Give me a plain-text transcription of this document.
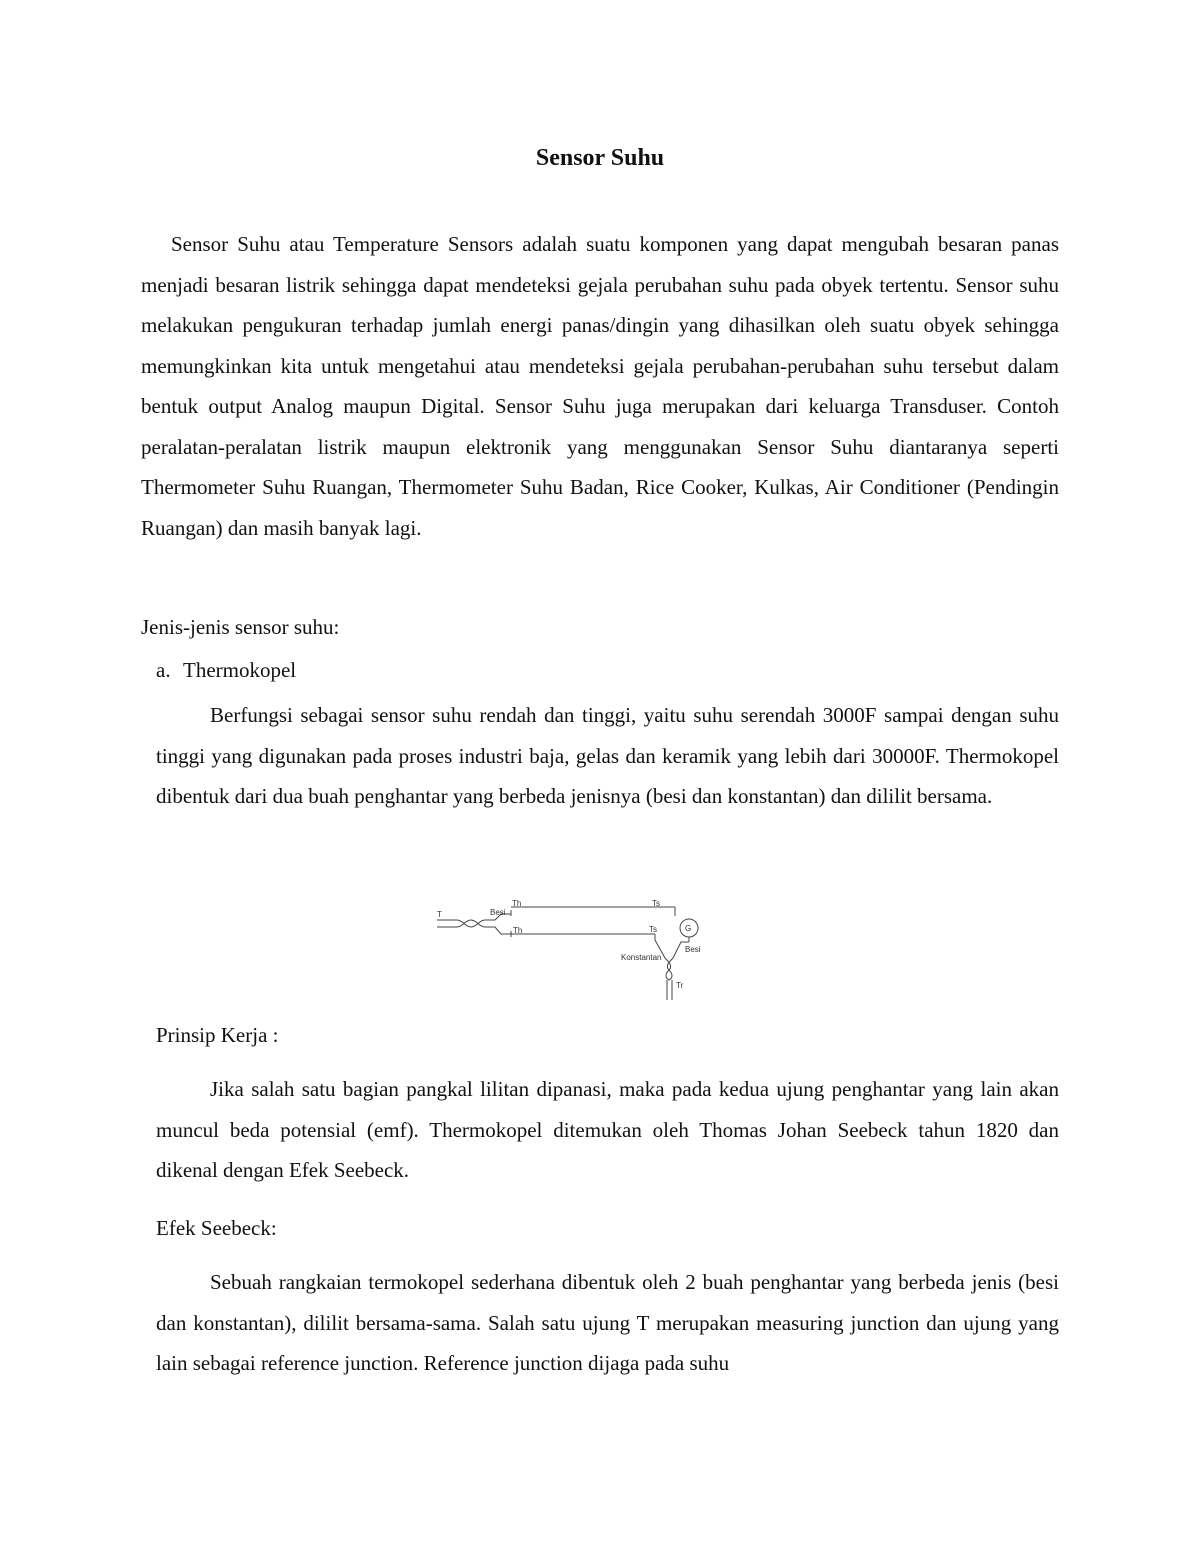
Sensor Suhu

Sensor Suhu atau Temperature Sensors adalah suatu komponen yang dapat mengubah besaran panas menjadi besaran listrik sehingga dapat mendeteksi gejala perubahan suhu pada obyek tertentu. Sensor suhu melakukan pengukuran terhadap jumlah energi panas/dingin yang dihasilkan oleh suatu obyek sehingga memungkinkan kita untuk mengetahui atau mendeteksi gejala perubahan-perubahan suhu tersebut dalam bentuk output Analog maupun Digital. Sensor Suhu juga merupakan dari keluarga Transduser. Contoh peralatan-peralatan listrik maupun elektronik yang menggunakan Sensor Suhu diantaranya seperti Thermometer Suhu Ruangan, Thermometer Suhu Badan, Rice Cooker, Kulkas, Air Conditioner (Pendingin Ruangan) dan masih banyak lagi.

Jenis-jenis sensor suhu:
a. Thermokopel

Berfungsi sebagai sensor suhu rendah dan tinggi, yaitu suhu serendah 3000F sampai dengan suhu tinggi yang digunakan pada proses industri baja, gelas dan keramik yang lebih dari 30000F. Thermokopel dibentuk dari dua buah penghantar yang berbeda jenisnya (besi dan konstantan) dan dililit bersama.

T	Besi
Th
Th
Ts
Ts	G
Besi
Konstantan
Tr
Prinsip Kerja :

Jika salah satu bagian pangkal lilitan dipanasi, maka pada kedua ujung penghantar yang lain akan muncul beda potensial (emf). Thermokopel ditemukan oleh Thomas Johan Seebeck tahun 1820 dan dikenal dengan Efek Seebeck.

Efek Seebeck:

Sebuah rangkaian termokopel sederhana dibentuk oleh 2 buah penghantar yang berbeda jenis (besi dan konstantan), dililit bersama-sama. Salah satu ujung T merupakan measuring junction dan ujung yang lain sebagai reference junction. Reference junction dijaga pada suhu
